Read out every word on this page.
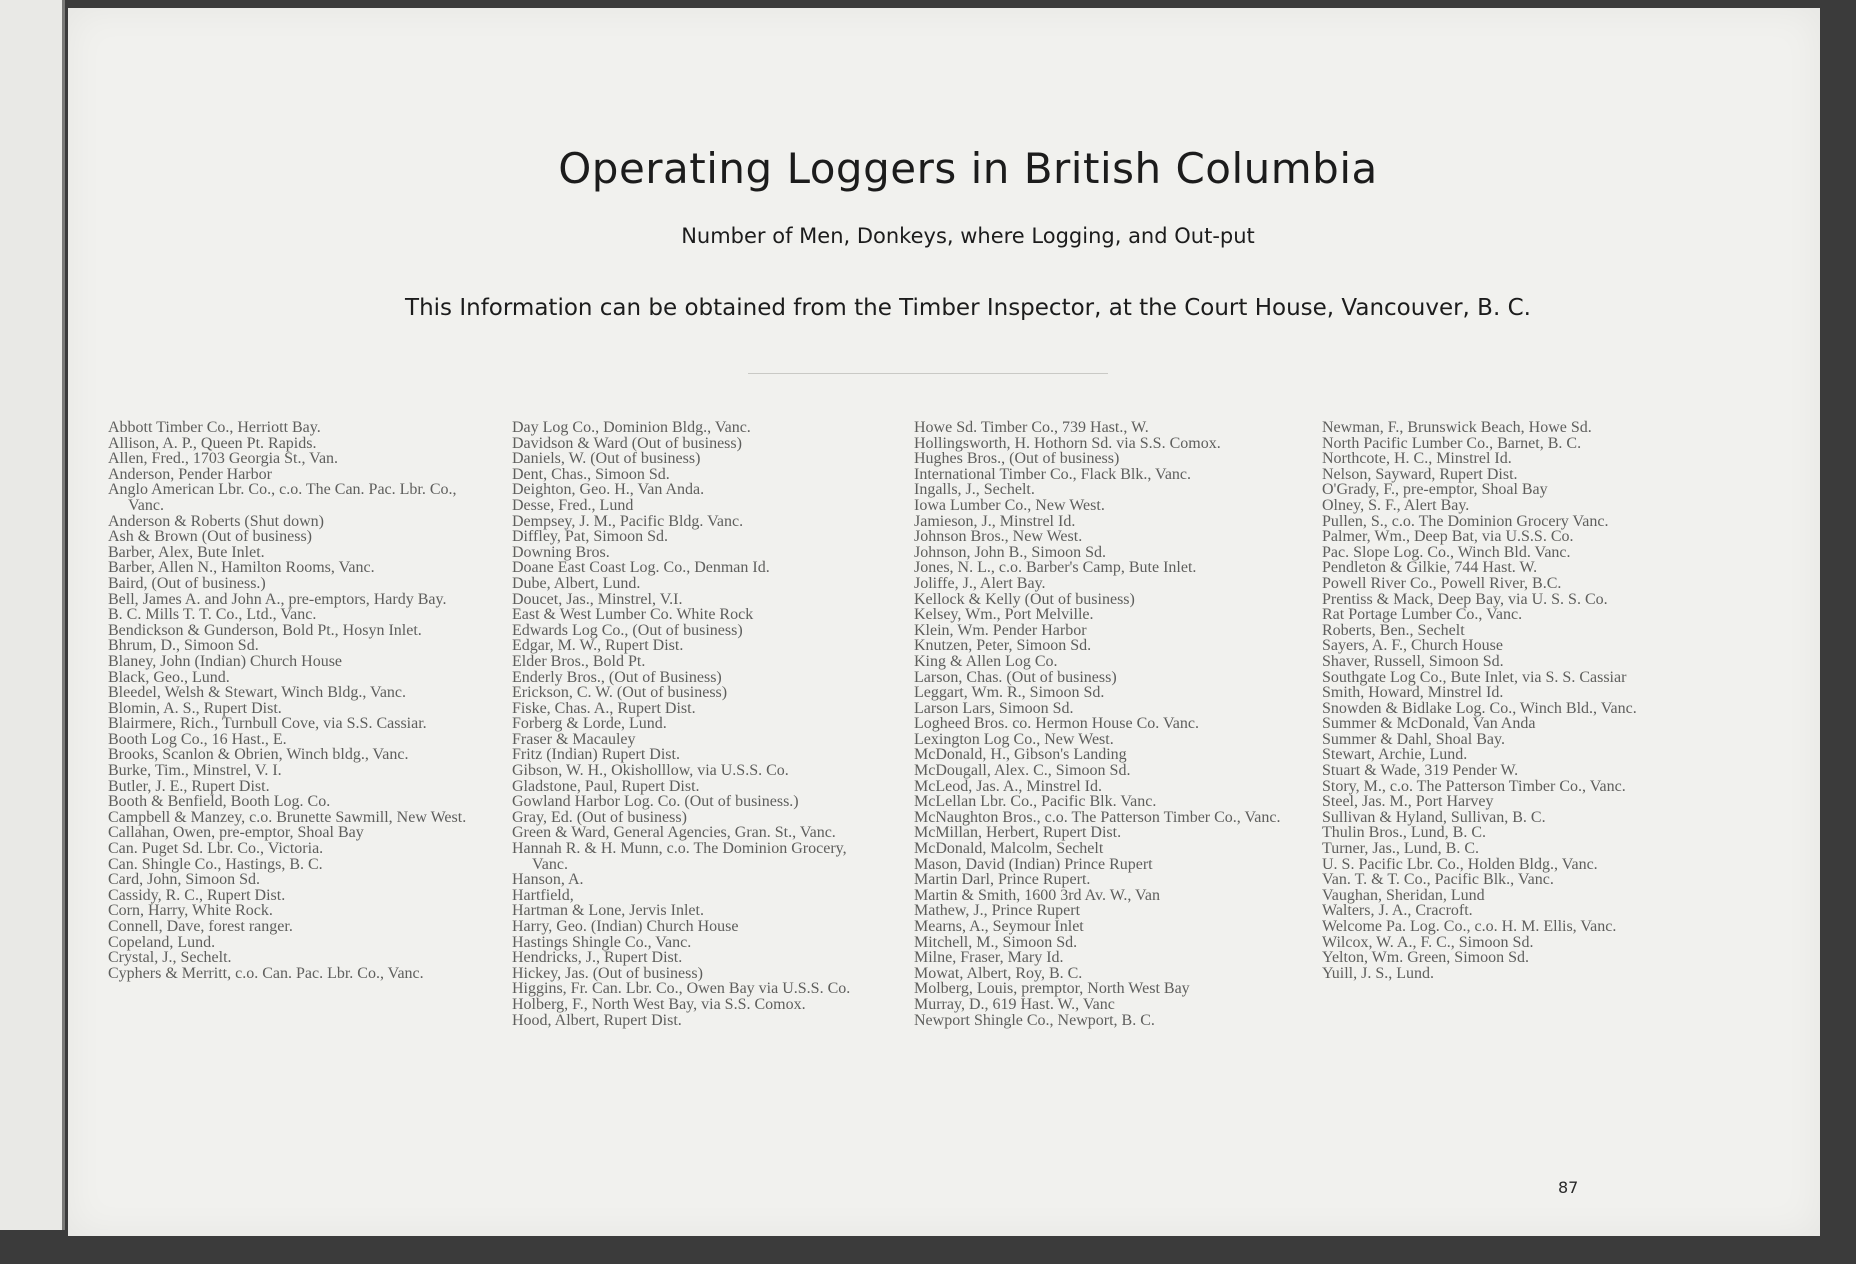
Operating Loggers in British Columbia
Number of Men, Donkeys, where Logging, and Out-put
This Information can be obtained from the Timber Inspector, at the Court House, Vancouver, B. C.

Abbott Timber Co., Herriott Bay.

Allison, A. P., Queen Pt. Rapids.

Allen, Fred., 1703 Georgia St., Van.

Anderson, Pender Harbor

Anglo American Lbr. Co., c.o. The Can. Pac. Lbr. Co., Vanc.

Anderson & Roberts (Shut down)

Ash & Brown (Out of business)

Barber, Alex, Bute Inlet.

Barber, Allen N., Hamilton Rooms, Vanc.

Baird, (Out of business.)

Bell, James A. and John A., pre-emptors, Hardy Bay.

B. C. Mills T. T. Co., Ltd., Vanc.

Bendickson & Gunderson, Bold Pt., Hosyn Inlet.

Bhrum, D., Simoon Sd.

Blaney, John (Indian) Church House

Black, Geo., Lund.

Bleedel, Welsh & Stewart, Winch Bldg., Vanc.

Blomin, A. S., Rupert Dist.

Blairmere, Rich., Turnbull Cove, via S.S. Cassiar.

Booth Log Co., 16 Hast., E.

Brooks, Scanlon & Obrien, Winch bldg., Vanc.

Burke, Tim., Minstrel, V. I.

Butler, J. E., Rupert Dist.

Booth & Benfield, Booth Log. Co.

Campbell & Manzey, c.o. Brunette Sawmill, New West.

Callahan, Owen, pre-emptor, Shoal Bay

Can. Puget Sd. Lbr. Co., Victoria.

Can. Shingle Co., Hastings, B. C.

Card, John, Simoon Sd.

Cassidy, R. C., Rupert Dist.

Corn, Harry, White Rock.

Connell, Dave, forest ranger.

Copeland, Lund.

Crystal, J., Sechelt.

Cyphers & Merritt, c.o. Can. Pac. Lbr. Co., Vanc.

Day Log Co., Dominion Bldg., Vanc.

Davidson & Ward (Out of business)

Daniels, W. (Out of business)

Dent, Chas., Simoon Sd.

Deighton, Geo. H., Van Anda.

Desse, Fred., Lund

Dempsey, J. M., Pacific Bldg. Vanc.

Diffley, Pat, Simoon Sd.

Downing Bros.

Doane East Coast Log. Co., Denman Id.

Dube, Albert, Lund.

Doucet, Jas., Minstrel, V.I.

East & West Lumber Co. White Rock

Edwards Log Co., (Out of business)

Edgar, M. W., Rupert Dist.

Elder Bros., Bold Pt.

Enderly Bros., (Out of Business)

Erickson, C. W. (Out of business)

Fiske, Chas. A., Rupert Dist.

Forberg & Lorde, Lund.

Fraser & Macauley

Fritz (Indian) Rupert Dist.

Gibson, W. H., Okisholllow, via U.S.S. Co.

Gladstone, Paul, Rupert Dist.

Gowland Harbor Log. Co. (Out of business.)

Gray, Ed. (Out of business)

Green & Ward, General Agencies, Gran. St., Vanc.

Hannah R. & H. Munn, c.o. The Dominion Grocery, Vanc.

Hanson, A.

Hartfield,

Hartman & Lone, Jervis Inlet.

Harry, Geo. (Indian) Church House

Hastings Shingle Co., Vanc.

Hendricks, J., Rupert Dist.

Hickey, Jas. (Out of business)

Higgins, Fr. Can. Lbr. Co., Owen Bay via U.S.S. Co.

Holberg, F., North West Bay, via S.S. Comox.

Hood, Albert, Rupert Dist.

Howe Sd. Timber Co., 739 Hast., W.

Hollingsworth, H. Hothorn Sd. via S.S. Comox.

Hughes Bros., (Out of business)

International Timber Co., Flack Blk., Vanc.

Ingalls, J., Sechelt.

Iowa Lumber Co., New West.

Jamieson, J., Minstrel Id.

Johnson Bros., New West.

Johnson, John B., Simoon Sd.

Jones, N. L., c.o. Barber's Camp, Bute Inlet.

Joliffe, J., Alert Bay.

Kellock & Kelly (Out of business)

Kelsey, Wm., Port Melville.

Klein, Wm. Pender Harbor

Knutzen, Peter, Simoon Sd.

King & Allen Log Co.

Larson, Chas. (Out of business)

Leggart, Wm. R., Simoon Sd.

Larson Lars, Simoon Sd.

Logheed Bros. co. Hermon House Co. Vanc.

Lexington Log Co., New West.

McDonald, H., Gibson's Landing

McDougall, Alex. C., Simoon Sd.

McLeod, Jas. A., Minstrel Id.

McLellan Lbr. Co., Pacific Blk. Vanc.

McNaughton Bros., c.o. The Patterson Timber Co., Vanc.

McMillan, Herbert, Rupert Dist.

McDonald, Malcolm, Sechelt

Mason, David (Indian) Prince Rupert

Martin Darl, Prince Rupert.

Martin & Smith, 1600 3rd Av. W., Van

Mathew, J., Prince Rupert

Mearns, A., Seymour Inlet

Mitchell, M., Simoon Sd.

Milne, Fraser, Mary Id.

Mowat, Albert, Roy, B. C.

Molberg, Louis, premptor, North West Bay

Murray, D., 619 Hast. W., Vanc

Newport Shingle Co., Newport, B. C.

Newman, F., Brunswick Beach, Howe Sd.

North Pacific Lumber Co., Barnet, B. C.

Northcote, H. C., Minstrel Id.

Nelson, Sayward, Rupert Dist.

O'Grady, F., pre-emptor, Shoal Bay

Olney, S. F., Alert Bay.

Pullen, S., c.o. The Dominion Grocery Vanc.

Palmer, Wm., Deep Bat, via U.S.S. Co.

Pac. Slope Log. Co., Winch Bld. Vanc.

Pendleton & Gilkie, 744 Hast. W.

Powell River Co., Powell River, B.C.

Prentiss & Mack, Deep Bay, via U. S. S. Co.

Rat Portage Lumber Co., Vanc.

Roberts, Ben., Sechelt

Sayers, A. F., Church House

Shaver, Russell, Simoon Sd.

Southgate Log Co., Bute Inlet, via S. S. Cassiar

Smith, Howard, Minstrel Id.

Snowden & Bidlake Log. Co., Winch Bld., Vanc.

Summer & McDonald, Van Anda

Summer & Dahl, Shoal Bay.

Stewart, Archie, Lund.

Stuart & Wade, 319 Pender W.

Story, M., c.o. The Patterson Timber Co., Vanc.

Steel, Jas. M., Port Harvey

Sullivan & Hyland, Sullivan, B. C.

Thulin Bros., Lund, B. C.

Turner, Jas., Lund, B. C.

U. S. Pacific Lbr. Co., Holden Bldg., Vanc.

Van. T. & T. Co., Pacific Blk., Vanc.

Vaughan, Sheridan, Lund

Walters, J. A., Cracroft.

Welcome Pa. Log. Co., c.o. H. M. Ellis, Vanc.

Wilcox, W. A., F. C., Simoon Sd.

Yelton, Wm. Green, Simoon Sd.

Yuill, J. S., Lund.

87
